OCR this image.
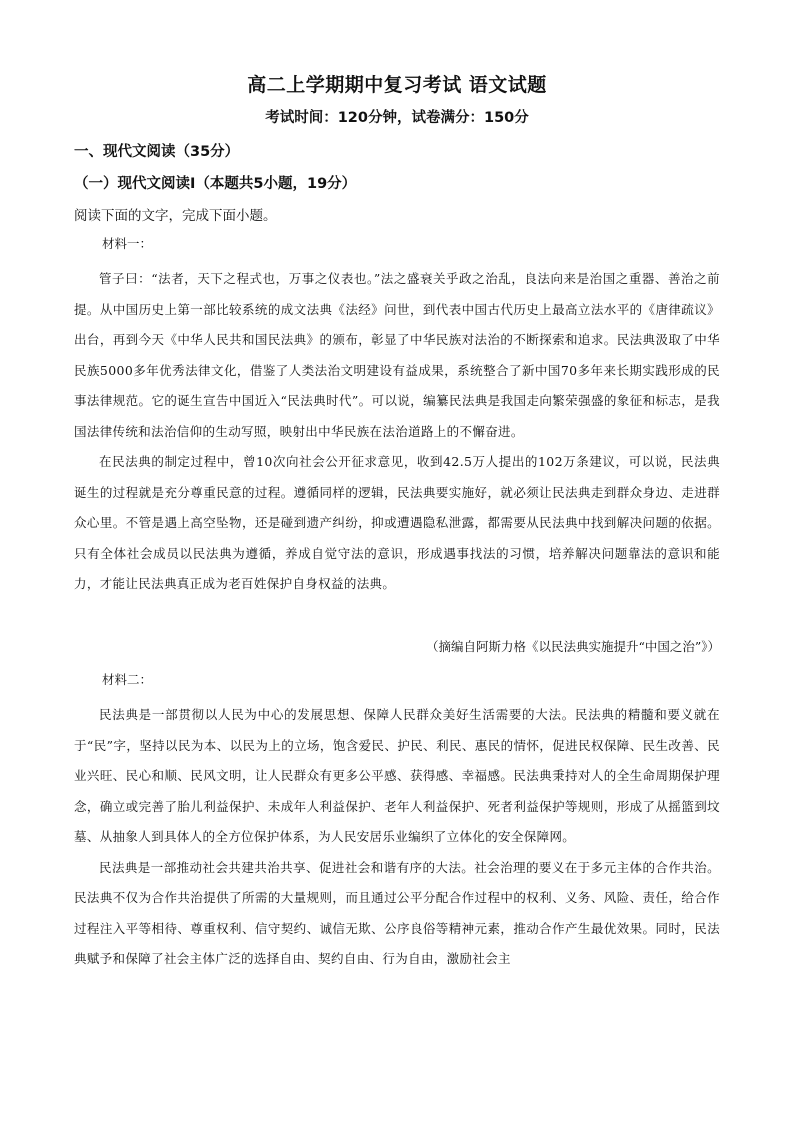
高二上学期期中复习考试 语文试题
考试时间：120分钟，试卷满分：150分
一、现代文阅读（35分）
（一）现代文阅读Ⅰ（本题共5小题，19分）
阅读下面的文字，完成下面小题。
材料一：

管子曰：“法者，天下之程式也，万事之仪表也。”法之盛衰关乎政之治乱，良法向来是治国之重器、善治之前提。从中国历史上第一部比较系统的成文法典《法经》问世，到代表中国古代历史上最高立法水平的《唐律疏议》出台，再到今天《中华人民共和国民法典》的颁布，彰显了中华民族对法治的不断探索和追求。民法典汲取了中华民族5000多年优秀法律文化，借鉴了人类法治文明建设有益成果，系统整合了新中国70多年来长期实践形成的民事法律规范。它的诞生宣告中国近入“民法典时代”。可以说，编纂民法典是我国走向繁荣强盛的象征和标志，是我国法律传统和法治信仰的生动写照，映射出中华民族在法治道路上的不懈奋进。

在民法典的制定过程中，曾10次向社会公开征求意见，收到42.5万人提出的102万条建议，可以说，民法典诞生的过程就是充分尊重民意的过程。遵循同样的逻辑，民法典要实施好，就必须让民法典走到群众身边、走进群众心里。不管是遇上高空坠物，还是碰到遗产纠纷，抑或遭遇隐私泄露，都需要从民法典中找到解决问题的依据。只有全体社会成员以民法典为遵循，养成自觉守法的意识，形成遇事找法的习惯，培养解决问题靠法的意识和能力，才能让民法典真正成为老百姓保护自身权益的法典。

（摘编自阿斯力格《以民法典实施提升“中国之治”》）
材料二：

民法典是一部贯彻以人民为中心的发展思想、保障人民群众美好生活需要的大法。民法典的精髓和要义就在于“民”字，坚持以民为本、以民为上的立场，饱含爱民、护民、利民、惠民的情怀，促进民权保障、民生改善、民业兴旺、民心和顺、民风文明，让人民群众有更多公平感、获得感、幸福感。民法典秉持对人的全生命周期保护理念，确立或完善了胎儿利益保护、未成年人利益保护、老年人利益保护、死者利益保护等规则，形成了从摇篮到坟墓、从抽象人到具体人的全方位保护体系，为人民安居乐业编织了立体化的安全保障网。

民法典是一部推动社会共建共治共享、促进社会和谐有序的大法。社会治理的要义在于多元主体的合作共治。民法典不仅为合作共治提供了所需的大量规则，而且通过公平分配合作过程中的权利、义务、风险、责任，给合作过程注入平等相待、尊重权利、信守契约、诚信无欺、公序良俗等精神元素，推动合作产生最优效果。同时，民法典赋予和保障了社会主体广泛的选择自由、契约自由、行为自由，激励社会主
